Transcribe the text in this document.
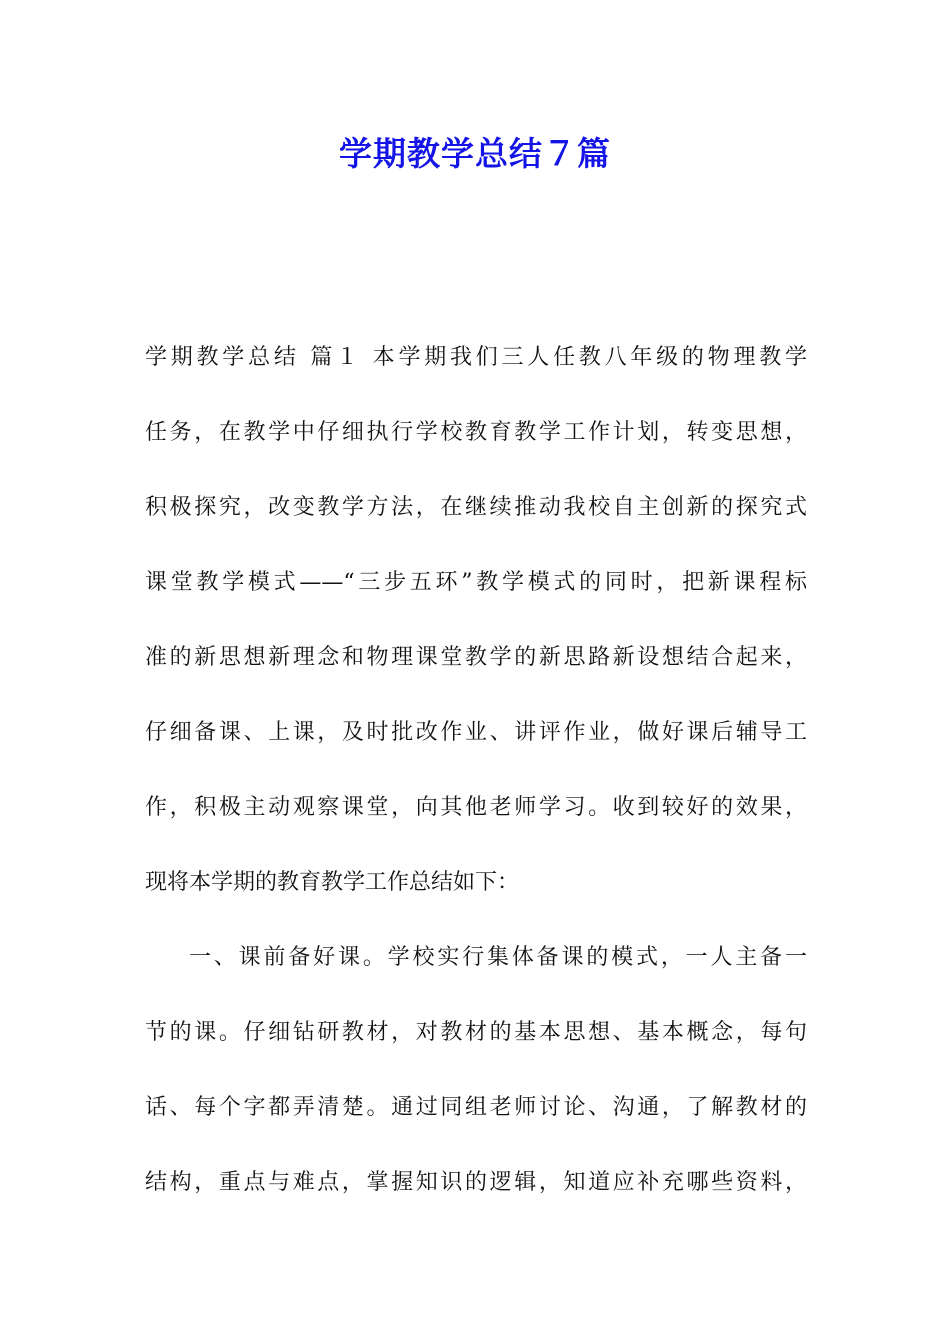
学期教学总结７篇
学期教学总结 篇１ 本学期我们三人任教八年级的物理教学
任务，在教学中仔细执行学校教育教学工作计划，转变思想，
积极探究，改变教学方法，在继续推动我校自主创新的探究式
课堂教学模式——“三步五环”教学模式的同时，把新课程标
准的新思想新理念和物理课堂教学的新思路新设想结合起来，
仔细备课、上课，及时批改作业、讲评作业，做好课后辅导工
作，积极主动观察课堂，向其他老师学习。收到较好的效果，
现将本学期的教育教学工作总结如下：
一、课前备好课。学校实行集体备课的模式，一人主备一
节的课。仔细钻研教材，对教材的基本思想、基本概念，每句
话、每个字都弄清楚。通过同组老师讨论、沟通，了解教材的
结构，重点与难点，掌握知识的逻辑，知道应补充哪些资料，
